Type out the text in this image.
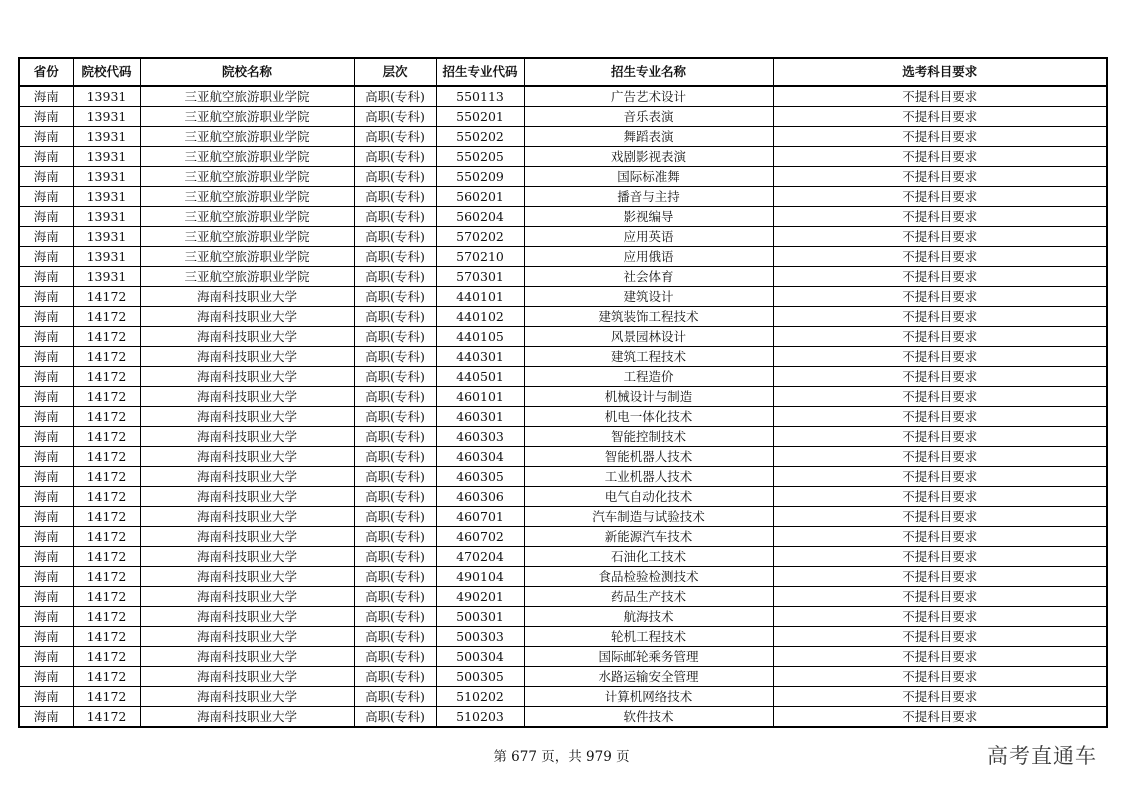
省份	院校代码	院校名称	层次	招生专业代码	招生专业名称	选考科目要求
海南	13931	三亚航空旅游职业学院	高职(专科)	550113	广告艺术设计	不提科目要求
海南	13931	三亚航空旅游职业学院	高职(专科)	550201	音乐表演	不提科目要求
海南	13931	三亚航空旅游职业学院	高职(专科)	550202	舞蹈表演	不提科目要求
海南	13931	三亚航空旅游职业学院	高职(专科)	550205	戏剧影视表演	不提科目要求
海南	13931	三亚航空旅游职业学院	高职(专科)	550209	国际标准舞	不提科目要求
海南	13931	三亚航空旅游职业学院	高职(专科)	560201	播音与主持	不提科目要求
海南	13931	三亚航空旅游职业学院	高职(专科)	560204	影视编导	不提科目要求
海南	13931	三亚航空旅游职业学院	高职(专科)	570202	应用英语	不提科目要求
海南	13931	三亚航空旅游职业学院	高职(专科)	570210	应用俄语	不提科目要求
海南	13931	三亚航空旅游职业学院	高职(专科)	570301	社会体育	不提科目要求
海南	14172	海南科技职业大学	高职(专科)	440101	建筑设计	不提科目要求
海南	14172	海南科技职业大学	高职(专科)	440102	建筑装饰工程技术	不提科目要求
海南	14172	海南科技职业大学	高职(专科)	440105	风景园林设计	不提科目要求
海南	14172	海南科技职业大学	高职(专科)	440301	建筑工程技术	不提科目要求
海南	14172	海南科技职业大学	高职(专科)	440501	工程造价	不提科目要求
海南	14172	海南科技职业大学	高职(专科)	460101	机械设计与制造	不提科目要求
海南	14172	海南科技职业大学	高职(专科)	460301	机电一体化技术	不提科目要求
海南	14172	海南科技职业大学	高职(专科)	460303	智能控制技术	不提科目要求
海南	14172	海南科技职业大学	高职(专科)	460304	智能机器人技术	不提科目要求
海南	14172	海南科技职业大学	高职(专科)	460305	工业机器人技术	不提科目要求
海南	14172	海南科技职业大学	高职(专科)	460306	电气自动化技术	不提科目要求
海南	14172	海南科技职业大学	高职(专科)	460701	汽车制造与试验技术	不提科目要求
海南	14172	海南科技职业大学	高职(专科)	460702	新能源汽车技术	不提科目要求
海南	14172	海南科技职业大学	高职(专科)	470204	石油化工技术	不提科目要求
海南	14172	海南科技职业大学	高职(专科)	490104	食品检验检测技术	不提科目要求
海南	14172	海南科技职业大学	高职(专科)	490201	药品生产技术	不提科目要求
海南	14172	海南科技职业大学	高职(专科)	500301	航海技术	不提科目要求
海南	14172	海南科技职业大学	高职(专科)	500303	轮机工程技术	不提科目要求
海南	14172	海南科技职业大学	高职(专科)	500304	国际邮轮乘务管理	不提科目要求
海南	14172	海南科技职业大学	高职(专科)	500305	水路运输安全管理	不提科目要求
海南	14172	海南科技职业大学	高职(专科)	510202	计算机网络技术	不提科目要求
海南	14172	海南科技职业大学	高职(专科)	510203	软件技术	不提科目要求
第 677 页，共 979 页	高考直通车
